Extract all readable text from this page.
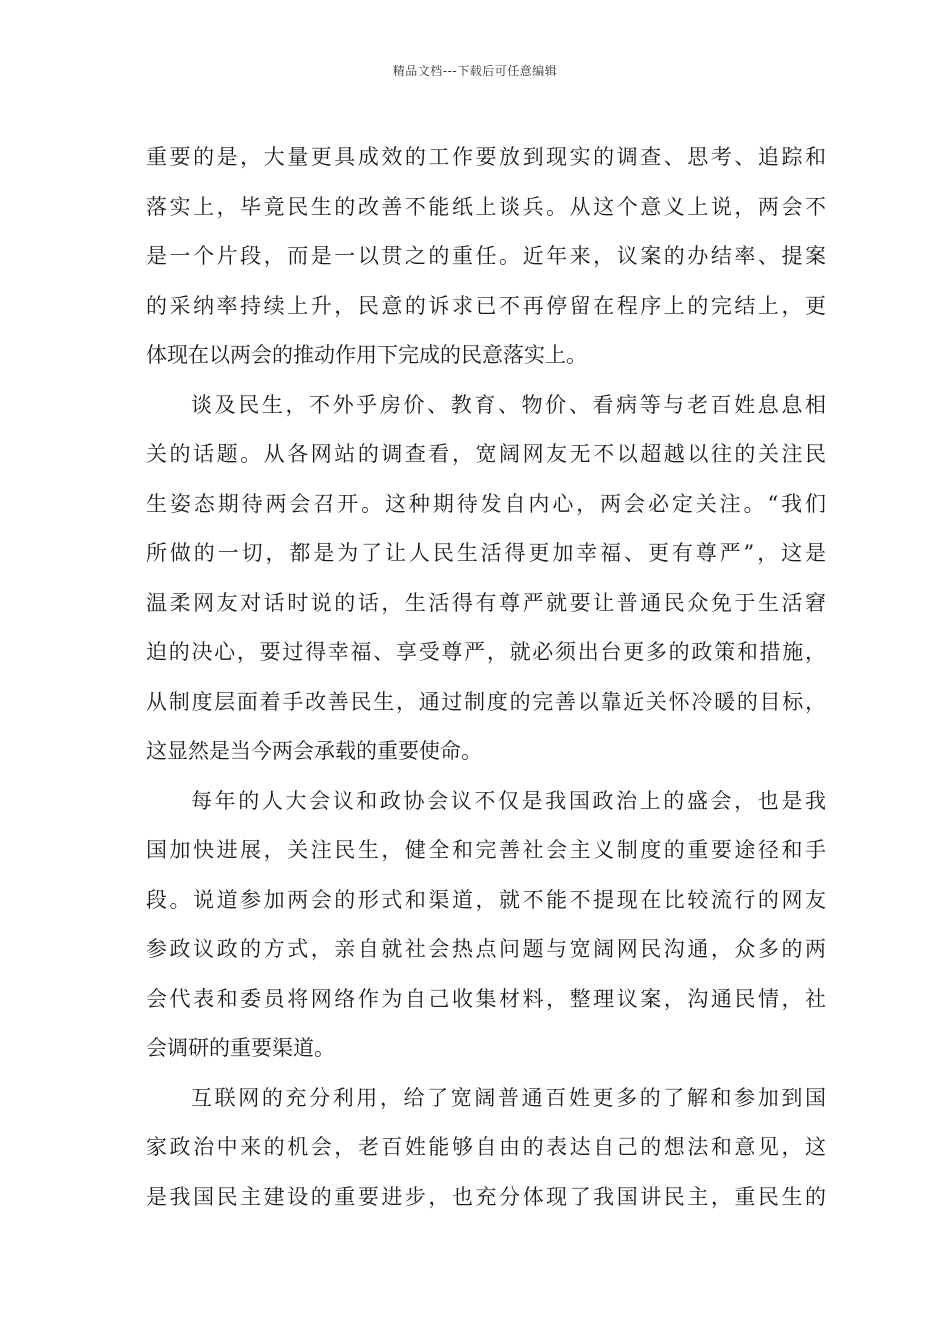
精品文档---下载后可任意编辑
重要的是，大量更具成效的工作要放到现实的调查、思考、追踪和
落实上，毕竟民生的改善不能纸上谈兵。从这个意义上说，两会不
是一个片段，而是一以贯之的重任。近年来，议案的办结率、提案
的采纳率持续上升，民意的诉求已不再停留在程序上的完结上，更
体现在以两会的推动作用下完成的民意落实上。
谈及民生，不外乎房价、教育、物价、看病等与老百姓息息相
关的话题。从各网站的调查看，宽阔网友无不以超越以往的关注民
生姿态期待两会召开。这种期待发自内心，两会必定关注。“我们
所做的一切，都是为了让人民生活得更加幸福、更有尊严”，这是
温柔网友对话时说的话，生活得有尊严就要让普通民众免于生活窘
迫的决心，要过得幸福、享受尊严，就必须出台更多的政策和措施，
从制度层面着手改善民生，通过制度的完善以靠近关怀冷暖的目标，
这显然是当今两会承载的重要使命。
每年的人大会议和政协会议不仅是我国政治上的盛会，也是我
国加快进展，关注民生，健全和完善社会主义制度的重要途径和手
段。说道参加两会的形式和渠道，就不能不提现在比较流行的网友
参政议政的方式，亲自就社会热点问题与宽阔网民沟通，众多的两
会代表和委员将网络作为自己收集材料，整理议案，沟通民情，社
会调研的重要渠道。
互联网的充分利用，给了宽阔普通百姓更多的了解和参加到国
家政治中来的机会，老百姓能够自由的表达自己的想法和意见，这
是我国民主建设的重要进步，也充分体现了我国讲民主，重民生的
